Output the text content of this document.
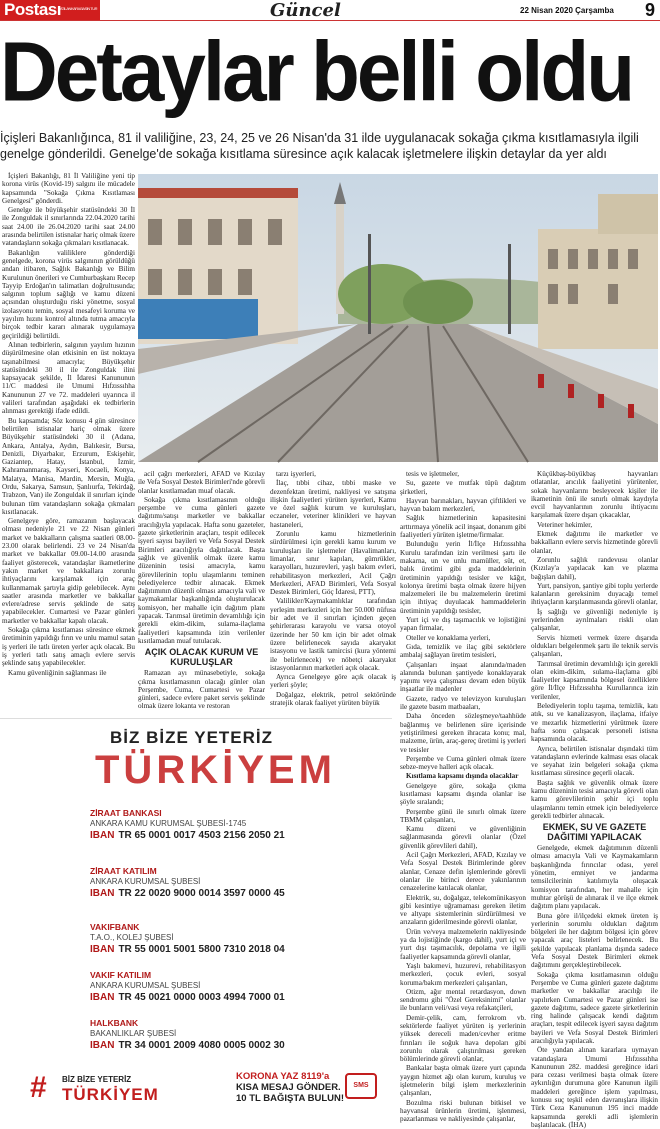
Postası
KATIL ANKARA BASIN TUR	Güncel	22 Nisan 2020 Çarşamba 9
Detaylar belli oldu
İçişleri Bakanlığınca, 81 il valiliğine, 23, 24, 25 ve 26 Nisan'da 31 ilde uygulanacak sokağa çıkma kısıtlamasıyla ilgili genelge gönderildi. Genelge'de sokağa kısıtlama süresince açık kalacak işletmelere ilişkin detaylar da yer aldı

İçişleri Bakanlığı, 81 İl Valiliğine yeni tip korona virüs (Kovid-19) salgını ile mücadele kapsamında "Sokağa Çıkma Kısıtlaması Genelgesi" gönderdi.

Genelge ile büyükşehir statüsündeki 30 İl ile Zonguldak il sınırlarında 22.04.2020 tarihi saat 24.00 ile 26.04.2020 tarihi saat 24.00 arasında belirtilen istisnalar hariç olmak üzere vatandaşların sokağa çıkmaları kısıtlanacak.

Bakanlığın valiliklere gönderdiği genelgede, korona virüs salgınının görüldüğü andan itibaren, Sağlık Bakanlığı ve Bilim Kurulunun önerileri ve Cumhurbaşkanı Recep Tayyip Erdoğan'ın talimatları doğrultusunda; salgının toplum sağlığı ve kamu düzeni açısından oluşturduğu riski yönetme, sosyal izolasyonu temin, sosyal mesafeyi koruma ve yayılım hızını kontrol altında tutma amacıyla birçok tedbir kararı alınarak uygulamaya geçirildiği belirtildi.

Alınan tedbirlerin, salgının yayılım hızının düşürülmesine olan etkisinin en üst noktaya taşınabilmesi amacıyla; Büyükşehir statüsündeki 30 il ile Zonguldak ilini kapsayacak şekilde, İl İdaresi Kanununun 11/C maddesi ile Umumi Hıfzıssıhha Kanununun 27 ve 72. maddeleri uyarınca il valileri tarafından aşağıdaki ek tedbirlerin alınması gerektiği ifade edildi.

Bu kapsamda; Söz konusu 4 gün süresince belirtilen istisnalar hariç olmak üzere Büyükşehir statüsündeki 30 il (Adana, Ankara, Antalya, Aydın, Balıkesir, Bursa, Denizli, Diyarbakır, Erzurum, Eskişehir, Gaziantep, Hatay, İstanbul, İzmir, Kahramanmaraş, Kayseri, Kocaeli, Konya, Malatya, Manisa, Mardin, Mersin, Muğla, Ordu, Sakarya, Samsun, Şanlıurfa, Tekirdağ, Trabzon, Van) ile Zonguldak il sınırları içinde bulunan tüm vatandaşların sokağa çıkmaları kısıtlanacak.

Genelgeye göre, ramazanın başlayacak olması nedeniyle 21 ve 22 Nisan günleri market ve bakkalların çalışma saatleri 08.00-23.00 olarak belirlendi. 23 ve 24 Nisan'da market ve bakkallar 09.00-14.00 arasında faaliyet gösterecek, vatandaşlar ikametlerine yakın market ve bakkallara zorunlu ihtiyaçlarını karşılamak için araç kullanmamak şartıyla gidip gelebilecek. Aynı saatler arasında marketler ve bakkallar evlere/adrese servis şeklinde de satış yapabilecekler. Cumartesi ve Pazar günleri marketler ve bakkallar kapalı olacak.

Sokağa çıkma kısıtlaması süresince ekmek üretiminin yapıldığı fırın ve unlu mamul satan iş yerleri ile tatlı üreten yerler açık olacak. Bu iş yerleri tatlı satış amaçlı evlere servis şeklinde satış yapabilecekler.

Kamu güvenliğinin sağlanması ile

acil çağrı merkezleri, AFAD ve Kızılay ile Vefa Sosyal Destek Birimleri'nde görevli olanlar kısıtlamadan muaf olacak.

Sokağa çıkma kısıtlamasının olduğu perşembe ve cuma günleri gazete dağıtımı/satışı marketler ve bakkallar aracılığıyla yapılacak. Hafta sonu gazeteler, gazete şirketlerinin araçları, tespit edilecek işyeri sayısı bayileri ve Vefa Sosyal Destek Birimleri aracılığıyla dağıtılacak. Başta sağlık ve güvenlik olmak üzere kamu düzeninin tesisi amacıyla, kamu görevlilerinin toplu ulaşımlarını teminen belediyelerce tedbir alınacak. Ekmek dağıtımının düzenli olması amacıyla vali ve kaymakamlar başkanlığında oluşturulacak komisyon, her mahalle için dağıtım planı yapacak. Tarımsal üretimin devamlılığı için gerekli ekim-dikim, sulama-ilaçlama faaliyetleri kapsamında izin verilenler kısıtlamadan muaf tutulacak.

AÇIK OLACAK KURUM VE KURULUŞLAR

Ramazan ayı münasebetiyle, sokağa çıkma kısıtlamasının olacağı günler olan Perşembe, Cuma, Cumartesi ve Pazar günleri, sadece evlere paket servis şeklinde olmak üzere lokanta ve restoran

tarzı işyerleri,

İlaç, tıbbi cihaz, tıbbi maske ve dezenfektan üretimi, nakliyesi ve satışına ilişkin faaliyetleri yürüten işyerleri, Kamu ve özel sağlık kurum ve kuruluşları, eczaneler, veteriner klinikleri ve hayvan hastaneleri,

Zorunlu kamu hizmetlerinin sürdürülmesi için gerekli kamu kurum ve kuruluşları ile işletmeler (Havalimanları, limanlar, sınır kapıları, gümrükler, karayolları, huzurevleri, yaşlı bakım evleri, rehabilitasyon merkezleri, Acil Çağrı Merkezleri, AFAD Birimleri, Vefa Sosyal Destek Birimleri, Göç İdaresi, PTT),

Valilikler/Kaymakamlıklar tarafından yerleşim merkezleri için her 50.000 nüfusa bir adet ve il sınırları içinden geçen şehirlerarası karayolu ve varsa otoyol üzerinde her 50 km için bir adet olmak üzere belirlenecek sayıda akaryakıt istasyonu ve lastik tamircisi (kura yöntemi ile belirlenecek) ve nöbetçi akaryakıt istasyonlarının marketleri açık olacak.

Ayrıca Genelgeye göre açık olacak iş yerleri şöyle;

Doğalgaz, elektrik, petrol sektöründe stratejik olarak faaliyet yürüten büyük

tesis ve işletmeler,

Su, gazete ve mutfak tüpü dağıtım şirketleri,

Hayvan barınakları, hayvan çiftlikleri ve hayvan bakım merkezleri,

Sağlık hizmetlerinin kapasitesini arttırmaya yönelik acil inşaat, donanım gibi faaliyetleri yürüten işletme/firmalar.

Bulunduğu yerin İl/İlçe Hıfzıssıhha Kurulu tarafından izin verilmesi şartı ile makarna, un ve unlu mamüller, süt, et, balık üretimi gibi gıda maddelerinin üretiminin yapıldığı tesisler ve kâğıt, kolonya üretimi başta olmak üzere hijyen malzemeleri ile bu malzemelerin üretimi için ihtiyaç duyulacak hammaddelerin üretiminin yapıldığı tesisler,

Yurt içi ve dış taşımacılık ve lojistiğini yapan firmalar,

Oteller ve konaklama yerleri,

Gıda, temizlik ve ilaç gibi sektörlere ambalaj sağlayan üretim tesisleri,

Çalışanları inşaat alanında/maden alanında bulunan şantiyede konaklayarak yapımı veya çalışması devam eden büyük inşaatlar ile madenler

Gazete, radyo ve televizyon kuruluşları ile gazete basım matbaaları,

Daha önceden sözleşmeye/taahhüde bağlanmış ve belirlenen süre içerisinde yetiştirilmesi gereken ihracata konu; mal, malzeme, ürün, araç-gereç üretimi iş yerleri ve tesisler

Perşembe ve Cuma günleri olmak üzere sebze-meyve halleri açık olacak.

Kısıtlama kapsamı dışında olacaklar

Genelgeye göre, sokağa çıkma kısıtlaması kapsamı dışında olanlar ise şöyle sıralandı;

Perşembe günü ile sınırlı olmak üzere TBMM çalışanları,

Kamu düzeni ve güvenliğinin sağlanmasında görevli olanlar (Özel güvenlik görevlileri dahil),

Acil Çağrı Merkezleri, AFAD, Kızılay ve Vefa Sosyal Destek Birimlerinde görev alanlar, Cenaze defin işlemlerinde görevli olanlar ile birinci derece yakınlarının cenazelerine katılacak olanlar,

Elektrik, su, doğalgaz, telekomünikasyon gibi kesintiye uğramaması gereken iletim ve altyapı sistemlerinin sürdürülmesi ve arızaların giderilmesinde görevli olanlar,

Ürün ve/veya malzemelerin nakliyesinde ya da lojistiğinde (kargo dahil), yurt içi ve yurt dışı taşımacılık, depolama ve ilgili faaliyetler kapsamında görevli olanlar,

Yaşlı bakımevi, huzurevi, rehabilitasyon merkezleri, çocuk evleri, sosyal koruma/bakım merkezleri çalışanları,

Otizm, ağır mental retardasyon, down sendromu gibi "Özel Gereksinimi" olanlar ile bunların veli/vasi veya refakatçileri,

Demir-çelik, cam, ferrokrom vb. sektörlerde faaliyet yürüten iş yerlerinin yüksek dereceli maden/cevher eritme fırınları ile soğuk hava depoları gibi zorunlu olarak çalıştırılması gereken bölümlerinde görevli olanlar,

Bankalar başta olmak üzere yurt çapında yaygın hizmet ağı olan kurum, kuruluş ve işletmelerin bilgi işlem merkezlerinin çalışanları,

Bozulma riski bulunan bitkisel ve hayvansal ürünlerin üretimi, işlenmesi, pazarlanması ve nakliyesinde çalışanlar,

Küçükbaş-büyükbaş hayvanları otlatanlar, arıcılık faaliyetini yürütenler, sokak hayvanlarını besleyecek kişiler ile ikametinin önü ile sınırlı olmak kaydıyla evcil hayvanlarının zorunlu ihtiyacını karşılamak üzere dışarı çıkacaklar,

Veteriner hekimler,

Ekmek dağıtımı ile marketler ve bakkalların evlere servis hizmetinde görevli olanlar,

Zorunlu sağlık randevusu olanlar (Kızılay'a yapılacak kan ve plazma bağışları dahil),

Yurt, pansiyon, şantiye gibi toplu yerlerde kalanların gereksinim duyacağı temel ihtiyaçların karşılanmasında görevli olanlar,

İş sağlığı ve güvenliği nedeniyle iş yerlerinden ayrılmaları riskli olan çalışanlar,

Servis hizmeti vermek üzere dışarıda oldukları belgelenmek şartı ile teknik servis çalışanları,

Tarımsal üretimin devamlılığı için gerekli olan ekim-dikim, sulama-ilaçlama gibi faaliyetler kapsamında bölgesel özelliklere göre İl/İlçe Hıfzıssıhha Kurullarınca izin verilenler,

Belediyelerin toplu taşıma, temizlik, katı atık, su ve kanalizasyon, ilaçlama, itfaiye ve mezarlık hizmetlerini yürütmek üzere hafta sonu çalışacak personeli istisna kapsamında olacak.

Ayrıca, belirtilen istisnalar dışındaki tüm vatandaşların evlerinde kalması esas olacak ve seyahat izin belgeleri sokağa çıkma kısıtlaması süresince geçerli olacak.

Başta sağlık ve güvenlik olmak üzere kamu düzeninin tesisi amacıyla görevli olan kamu görevlilerinin şehir içi toplu ulaşımlarını temin etmek için belediyelerce gerekli tedbirler alınacak.

EKMEK, SU VE GAZETE DAĞITIMI YAPILACAK

Genelgede, ekmek dağıtımının düzenli olması amacıyla Vali ve Kaymakamların başkanlığında fırıncılar odası, yerel yönetim, emniyet ve jandarma temsilcilerinin katılımıyla oluşacak komisyon tarafından, her mahalle için muhtar görüşü de alınarak il ve ilçe ekmek dağıtım planı yapılacak.

Buna göre il/ilçedeki ekmek üreten iş yerlerinin sorumlu oldukları dağıtım bölgeleri ile her dağıtım bölgesi için görev yapacak araç listeleri belirlenecek. Bu şekilde yapılacak planlama dışında sadece Vefa Sosyal Destek Birimleri ekmek dağıtımını gerçekleştirebilecek.

Sokağa çıkma kısıtlamasının olduğu Perşembe ve Cuma günleri gazete dağıtımı marketler ve bakkallar aracılığı ile yapılırken Cumartesi ve Pazar günleri ise gazete dağıtımı, sadece gazete şirketlerinin ring halinde çalışacak kendi dağıtım araçları, tespit edilecek işyeri sayısı dağıtım bayileri ve Vefa Sosyal Destek Birimleri aracılığıyla yapılacak.

Öte yandan alınan kararlara uymayan vatandaşlara Umumi Hıfzıssıhha Kanununun 282. maddesi gereğince idari para cezası verilmesi başta olmak üzere aykırılığın durumuna göre Kanunun ilgili maddeleri gereğince işlem yapılması, konusu suç teşkil eden davranışlara ilişkin Türk Ceza Kanununun 195 inci madde kapsamında gerekli adli işlemlerin başlatılacak. (İHA)

BİZ BİZE YETERİZ
TÜRKİYEM
ZİRAAT BANKASI
ANKARA KAMU KURUMSAL ŞUBESİ-1745
IBAN TR 65 0001 0017 4503 2156 2050 21
ZİRAAT KATILIM
ANKARA KURUMSAL ŞUBESİ
IBAN TR 22 0020 9000 0014 3597 0000 45
VAKIFBANK
T.A.O., KOLEJ ŞUBESİ
IBAN TR 55 0001 5001 5800 7310 2018 04
VAKIF KATILIM
ANKARA KURUMSAL ŞUBESİ
IBAN TR 45 0021 0000 0003 4994 7000 01
HALKBANK
BAKANLIKLAR ŞUBESİ
IBAN TR 34 0001 2009 4080 0005 0002 30
# BİZ BİZE YETERİZ
TÜRKİYEM
KORONA YAZ 8119'a
KISA MESAJ GÖNDER.
10 TL BAĞIŞTA BULUN!
SMS
